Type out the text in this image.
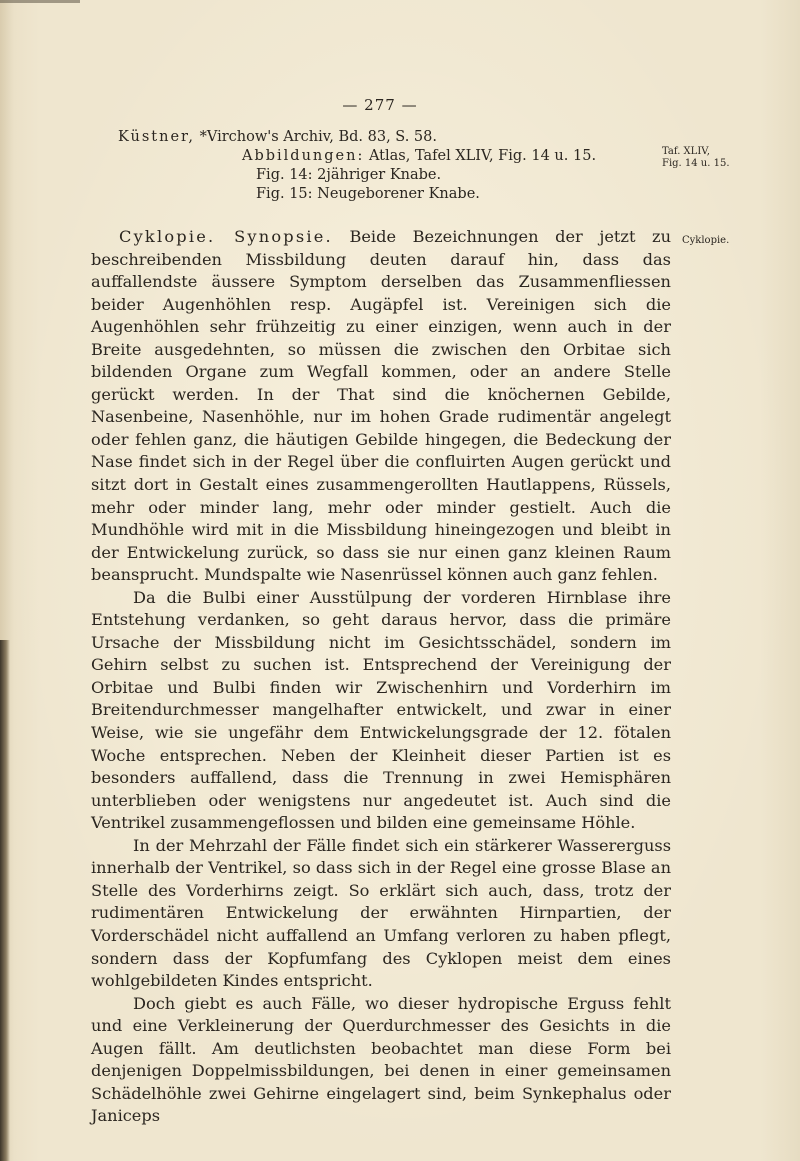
— 277 —
Küstner, *Virchow's Archiv, Bd. 83, S. 58.
Abbildungen: Atlas, Tafel XLIV, Fig. 14 u. 15.
Fig. 14: 2jähriger Knabe.
Fig. 15: Neugeborener Knabe.
Taf. XLIV,
Fig. 14 u. 15.
Cyklopie.

Cyklopie. Synopsie. Beide Bezeichnungen der jetzt zu beschreibenden Missbildung deuten darauf hin, dass das auffallendste äussere Symptom derselben das Zusammenfliessen beider Augenhöhlen resp. Augäpfel ist. Vereinigen sich die Augenhöhlen sehr frühzeitig zu einer einzigen, wenn auch in der Breite ausgedehnten, so müssen die zwischen den Orbitae sich bildenden Organe zum Wegfall kommen, oder an andere Stelle gerückt werden. In der That sind die knöchernen Gebilde, Nasenbeine, Nasenhöhle, nur im hohen Grade rudimentär angelegt oder fehlen ganz, die häutigen Gebilde hingegen, die Bedeckung der Nase findet sich in der Regel über die confluirten Augen gerückt und sitzt dort in Gestalt eines zusammengerollten Hautlappens, Rüssels, mehr oder minder lang, mehr oder minder gestielt. Auch die Mundhöhle wird mit in die Missbildung hineingezogen und bleibt in der Entwickelung zurück, so dass sie nur einen ganz kleinen Raum beansprucht. Mundspalte wie Nasenrüssel können auch ganz fehlen.

Da die Bulbi einer Ausstülpung der vorderen Hirnblase ihre Entstehung verdanken, so geht daraus hervor, dass die primäre Ursache der Missbildung nicht im Gesichtsschädel, sondern im Gehirn selbst zu suchen ist. Entsprechend der Vereinigung der Orbitae und Bulbi finden wir Zwischenhirn und Vorderhirn im Breitendurchmesser mangelhafter entwickelt, und zwar in einer Weise, wie sie ungefähr dem Entwickelungsgrade der 12. fötalen Woche entsprechen. Neben der Kleinheit dieser Partien ist es besonders auffallend, dass die Trennung in zwei Hemisphären unterblieben oder wenigstens nur angedeutet ist. Auch sind die Ventrikel zusammengeflossen und bilden eine gemeinsame Höhle.

In der Mehrzahl der Fälle findet sich ein stärkerer Wassererguss innerhalb der Ventrikel, so dass sich in der Regel eine grosse Blase an Stelle des Vorderhirns zeigt. So erklärt sich auch, dass, trotz der rudimentären Entwickelung der erwähnten Hirnpartien, der Vorderschädel nicht auffallend an Umfang verloren zu haben pflegt, sondern dass der Kopfumfang des Cyklopen meist dem eines wohlgebildeten Kindes entspricht.

Doch giebt es auch Fälle, wo dieser hydropische Erguss fehlt und eine Verkleinerung der Querdurchmesser des Gesichts in die Augen fällt. Am deutlichsten beobachtet man diese Form bei denjenigen Doppelmissbildungen, bei denen in einer gemeinsamen Schädelhöhle zwei Gehirne eingelagert sind, beim Synkephalus oder Janiceps
